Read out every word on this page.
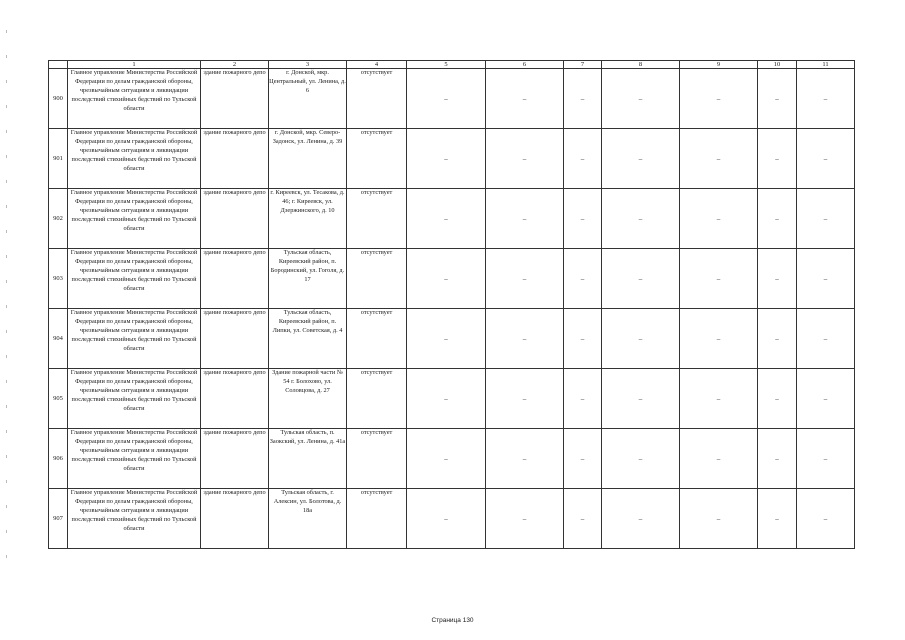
	1	2	3	4	5	6	7	8	9	10	11
900	Главное управление Министерства Российской Федерации по делам гражданской обороны, чрезвычайным ситуациям и ликвидации последствий стихийных бедствий по Тульской области	здание пожарного депо	г. Донской, мкр. Центральный, ул. Ленина, д. 6	отсутствует	–	–	–	–	–	–	–
901	Главное управление Министерства Российской Федерации по делам гражданской обороны, чрезвычайным ситуациям и ликвидации последствий стихийных бедствий по Тульской области	здание пожарного депо	г. Донской, мкр. Северо-Задонск, ул. Ленина, д. 39	отсутствует	–	–	–	–	–	–	–
902	Главное управление Министерства Российской Федерации по делам гражданской обороны, чрезвычайным ситуациям и ликвидации последствий стихийных бедствий по Тульской области	здание пожарного депо	г. Киреевск, ул. Тесакова, д. 46; г. Киреевск, ул. Дзержинского, д. 10	отсутствует	–	–	–	–	–	–	–
903	Главное управление Министерства Российской Федерации по делам гражданской обороны, чрезвычайным ситуациям и ликвидации последствий стихийных бедствий по Тульской области	здание пожарного депо	Тульская область, Киреевский район, п. Бородинский, ул. Гоголя, д. 17	отсутствует	–	–	–	–	–	–	–
904	Главное управление Министерства Российской Федерации по делам гражданской обороны, чрезвычайным ситуациям и ликвидации последствий стихийных бедствий по Тульской области	здание пожарного депо	Тульская область, Киреевский район, п. Липки, ул. Советская, д. 4	отсутствует	–	–	–	–	–	–	–
905	Главное управление Министерства Российской Федерации по делам гражданской обороны, чрезвычайным ситуациям и ликвидации последствий стихийных бедствий по Тульской области	здание пожарного депо	Здание пожарной части № 54 г. Болохово, ул. Соловцова, д. 27	отсутствует	–	–	–	–	–	–	–
906	Главное управление Министерства Российской Федерации по делам гражданской обороны, чрезвычайным ситуациям и ликвидации последствий стихийных бедствий по Тульской области	здание пожарного депо	Тульская область, п. Заокский, ул. Ленина, д. 41а	отсутствует	–	–	–	–	–	–	–
907	Главное управление Министерства Российской Федерации по делам гражданской обороны, чрезвычайным ситуациям и ликвидации последствий стихийных бедствий по Тульской области	здание пожарного депо	Тульская область, г. Алексин, ул. Болотова, д. 18а	отсутствует	–	–	–	–	–	–	–
Страница 130
